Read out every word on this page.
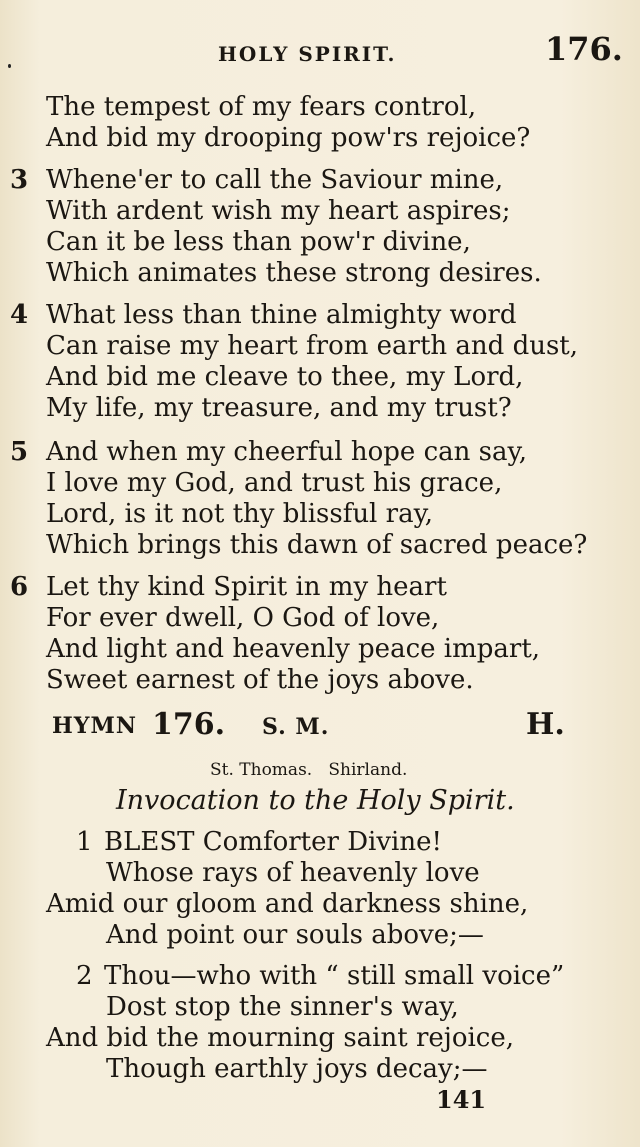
HOLY SPIRIT.	176.
The tempest of my fears control,
And bid my drooping pow'rs rejoice?
3 Whene'er to call the Saviour mine,
With ardent wish my heart aspires;
Can it be less than pow'r divine,
Which animates these strong desires.
4 What less than thine almighty word
Can raise my heart from earth and dust,
And bid me cleave to thee, my Lord,
My life, my treasure, and my trust?
5 And when my cheerful hope can say,
I love my God, and trust his grace,
Lord, is it not thy blissful ray,
Which brings this dawn of sacred peace?
6 Let thy kind Spirit in my heart
For ever dwell, O God of love,
And light and heavenly peace impart,
Sweet earnest of the joys above.
HYMN 176. S. M.	H.
St. Thomas.   Shirland.
Invocation to the Holy Spirit.
1 BLEST Comforter Divine!
Whose rays of heavenly love
Amid our gloom and darkness shine,
And point our souls above;—
2 Thou—who with “ still small voice”
Dost stop the sinner's way,
And bid the mourning saint rejoice,
Though earthly joys decay;—
141
